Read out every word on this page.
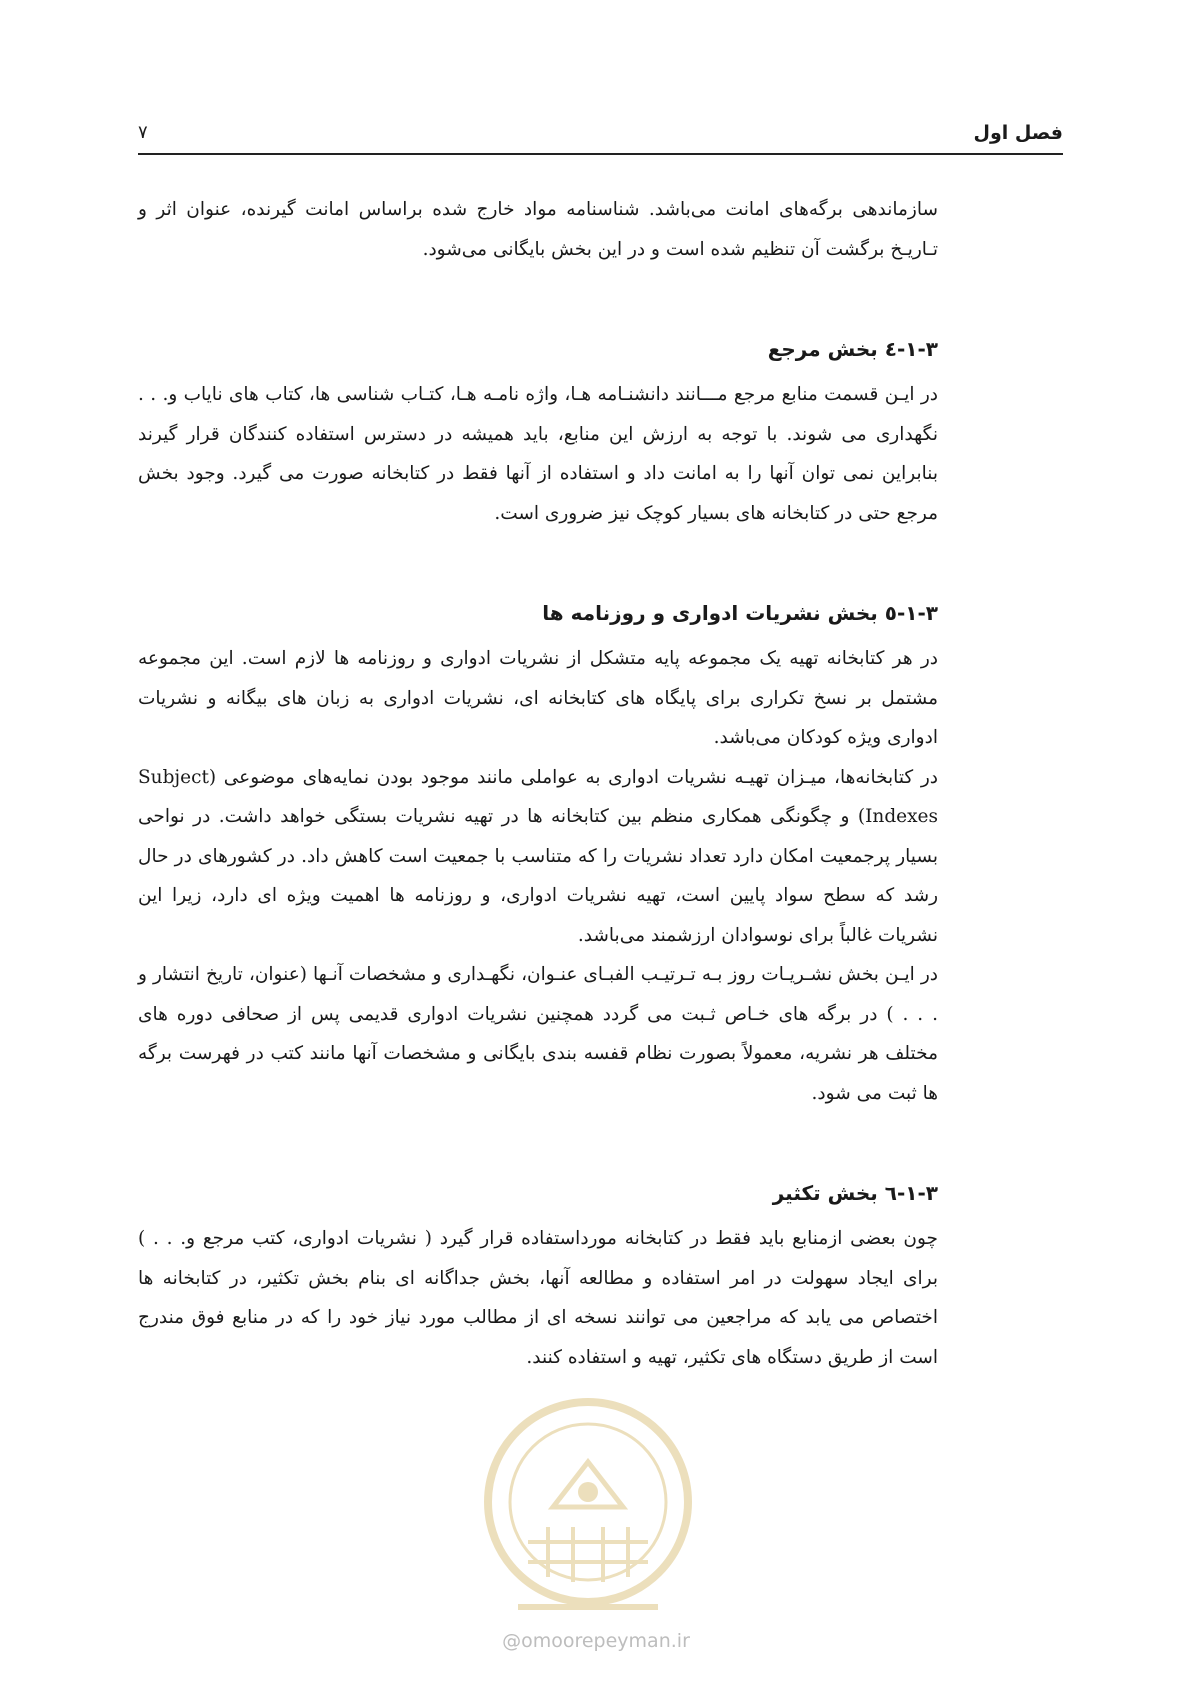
فصل اول
۷

سازماندهی برگه‌های امانت می‌باشد. شناسنامه مواد خارج شده براساس امانت گیرنده، عنوان اثر و تـاریـخ برگشت آن تنظیم شده است و در این بخش بایگانی می‌شود.

۱-۳-٤ بخش مرجع

در ایـن قسمت منابع مرجع مـــانند دانشنـامه هـا، واژه نامـه هـا، کتـاب شناسی ها، کتاب های نایاب و. . . نگهداری می شوند. با توجه به ارزش این منابع، باید همیشه در دسترس استفاده کنندگان قرار گیرند بنابراین نمی توان آنها را به امانت داد و استفاده از آنها فقط در کتابخانه صورت می گیرد. وجود بخش مرجع حتی در کتابخانه های بسیار کوچک نیز ضروری است.

۱-۳-٥ بخش نشریات ادواری و روزنامه ها

در هر کتابخانه تهیه یک مجموعه پایه متشکل از نشریات ادواری و روزنامه ها لازم است. این مجموعه مشتمل بر نسخ تکراری برای پایگاه های کتابخانه ای، نشریات ادواری به زبان های بیگانه و نشریات ادواری ویژه کودکان می‌باشد.

در کتابخانه‌ها، میـزان تهیـه نشریات ادواری به عواملی مانند موجود بودن نمایه‌های موضوعی (Subject Indexes) و چگونگی همکاری منظم بین کتابخانه ها در تهیه نشریات بستگی خواهد داشت. در نواحی بسیار پرجمعیت امکان دارد تعداد نشریات را که متناسب با جمعیت است کاهش داد. در کشورهای در حال رشد که سطح سواد پایین است، تهیه نشریات ادواری، و روزنامه ها اهمیت ویژه ای دارد، زیرا این نشریات غالباً برای نوسوادان ارزشمند می‌باشد.

در ایـن بخش نشـریـات روز بـه تـرتیـب الفبـای عنـوان، نگهـداری و مشخصات آنـها (عنوان، تاریخ انتشار و . . . ) در برگه های خـاص ثـبت می گردد همچنین نشریات ادواری قدیمی پس از صحافی دوره های مختلف هر نشریه، معمولاً بصورت نظام قفسه بندی بایگانی و مشخصات آنها مانند کتب در فهرست برگه ها ثبت می شود.

۱-۳-٦ بخش تکثیر

چون بعضی ازمنابع باید فقط در کتابخانه مورداستفاده قرار گیرد ( نشریات ادواری، کتب مرجع و. . . ) برای ایجاد سهولت در امر استفاده و مطالعه آنها، بخش جداگانه ای بنام بخش تکثیر، در کتابخانه ها اختصاص می یابد که مراجعین می توانند نسخه ای از مطالب مورد نیاز خود را که در منابع فوق مندرج است از طریق دستگاه های تکثیر، تهیه و استفاده کنند.

@omoorepeyman.ir
